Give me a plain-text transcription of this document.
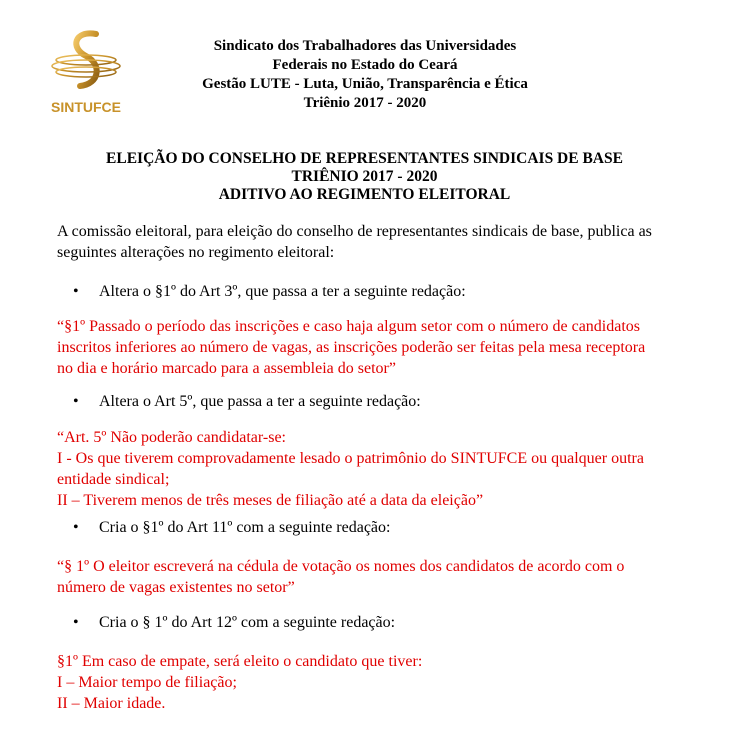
SINTUFCE
Sindicato dos Trabalhadores das Universidades
Federais no Estado do Ceará
Gestão LUTE - Luta, União, Transparência e Ética
Triênio 2017 - 2020
ELEIÇÃO DO CONSELHO DE REPRESENTANTES SINDICAIS DE BASE
TRIÊNIO 2017 - 2020
ADITIVO AO REGIMENTO ELEITORAL
A comissão eleitoral, para eleição do conselho de representantes sindicais de base, publica as
seguintes alterações no regimento eleitoral:
• Altera o §1º do Art 3º, que passa a ter a seguinte redação:
“§1º Passado o período das inscrições e caso haja algum setor com o número de candidatos
inscritos inferiores ao número de vagas, as inscrições poderão ser feitas pela mesa receptora
no dia e horário marcado para a assembleia do setor”
• Altera o Art 5º, que passa a ter a seguinte redação:
“Art. 5º Não poderão candidatar-se:
I - Os que tiverem comprovadamente lesado o patrimônio do SINTUFCE ou qualquer outra
entidade sindical;
II – Tiverem menos de três meses de filiação até a data da eleição”
• Cria o §1º do Art 11º com a seguinte redação:
“§ 1º O eleitor escreverá na cédula de votação os nomes dos candidatos de acordo com o
número de vagas existentes no setor”
• Cria o § 1º do Art 12º com a seguinte redação:
§1º Em caso de empate, será eleito o candidato que tiver:
I – Maior tempo de filiação;
II – Maior idade.
